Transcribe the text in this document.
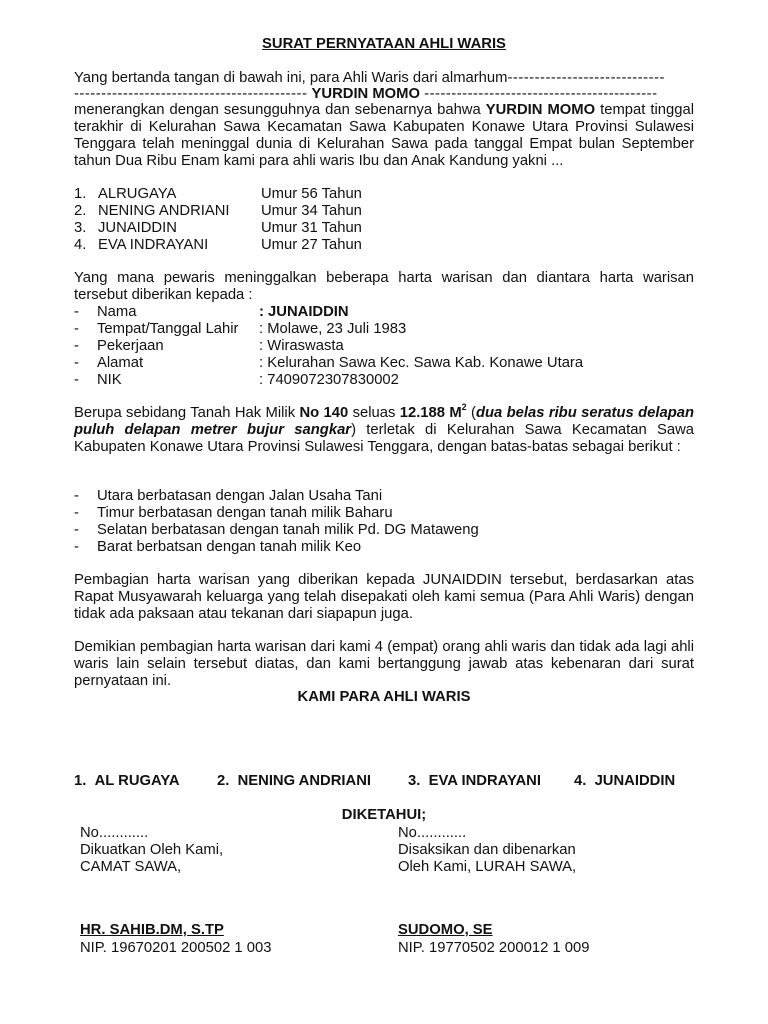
SURAT PERNYATAAN AHLI WARIS
Yang bertanda tangan di bawah ini, para Ahli Waris dari almarhum-----------------------------
------------------------------------------- YURDIN MOMO -------------------------------------------
menerangkan dengan sesungguhnya dan sebenarnya bahwa YURDIN MOMO tempat tinggal terakhir di Kelurahan Sawa Kecamatan Sawa Kabupaten Konawe Utara Provinsi Sulawesi Tenggara telah meninggal dunia di Kelurahan Sawa pada tanggal Empat bulan September tahun Dua Ribu Enam kami para ahli waris Ibu dan Anak Kandung yakni ...
1. ALRUGAYA	Umur 56 Tahun
2. NENING ANDRIANI Umur 34 Tahun
3. JUNAIDDIN	Umur 31 Tahun
4. EVA INDRAYANI	Umur 27 Tahun
Yang mana pewaris meninggalkan beberapa harta warisan dan diantara harta warisan tersebut diberikan kepada :
- Nama	: JUNAIDDIN
- Tempat/Tanggal Lahir : Molawe, 23 Juli 1983
- Pekerjaan	: Wiraswasta
- Alamat	: Kelurahan Sawa Kec. Sawa Kab. Konawe Utara
- NIK	: 7409072307830002
Berupa sebidang Tanah Hak Milik No 140 seluas 12.188 $M^2$ (dua belas ribu seratus delapan puluh delapan metrer bujur sangkar) terletak di Kelurahan Sawa Kecamatan Sawa Kabupaten Konawe Utara Provinsi Sulawesi Tenggara, dengan batas-batas sebagai berikut :
- Utara berbatasan dengan Jalan Usaha Tani
- Timur berbatasan dengan tanah milik Baharu
- Selatan berbatasan dengan tanah milik Pd. DG Mataweng
- Barat berbatsan dengan tanah milik Keo
Pembagian harta warisan yang diberikan kepada JUNAIDDIN tersebut, berdasarkan atas Rapat Musyawarah keluarga yang telah disepakati oleh kami semua (Para Ahli Waris) dengan tidak ada paksaan atau tekanan dari siapapun juga.
Demikian pembagian harta warisan dari kami 4 (empat) orang ahli waris dan tidak ada lagi ahli waris lain selain tersebut diatas, dan kami bertanggung jawab atas kebenaran dari surat pernyataan ini.
KAMI PARA AHLI WARIS
1. AL RUGAYA	2. NENING ANDRIANI 3. EVA INDRAYANI 4. JUNAIDDIN
DIKETAHUI;
No............
Dikuatkan Oleh Kami,
CAMAT SAWA,
HR. SAHIB.DM, S.TP
NIP. 19670201 200502 1 003
No............
Disaksikan dan dibenarkan
Oleh Kami, LURAH SAWA,
SUDOMO, SE
NIP. 19770502 200012 1 009
